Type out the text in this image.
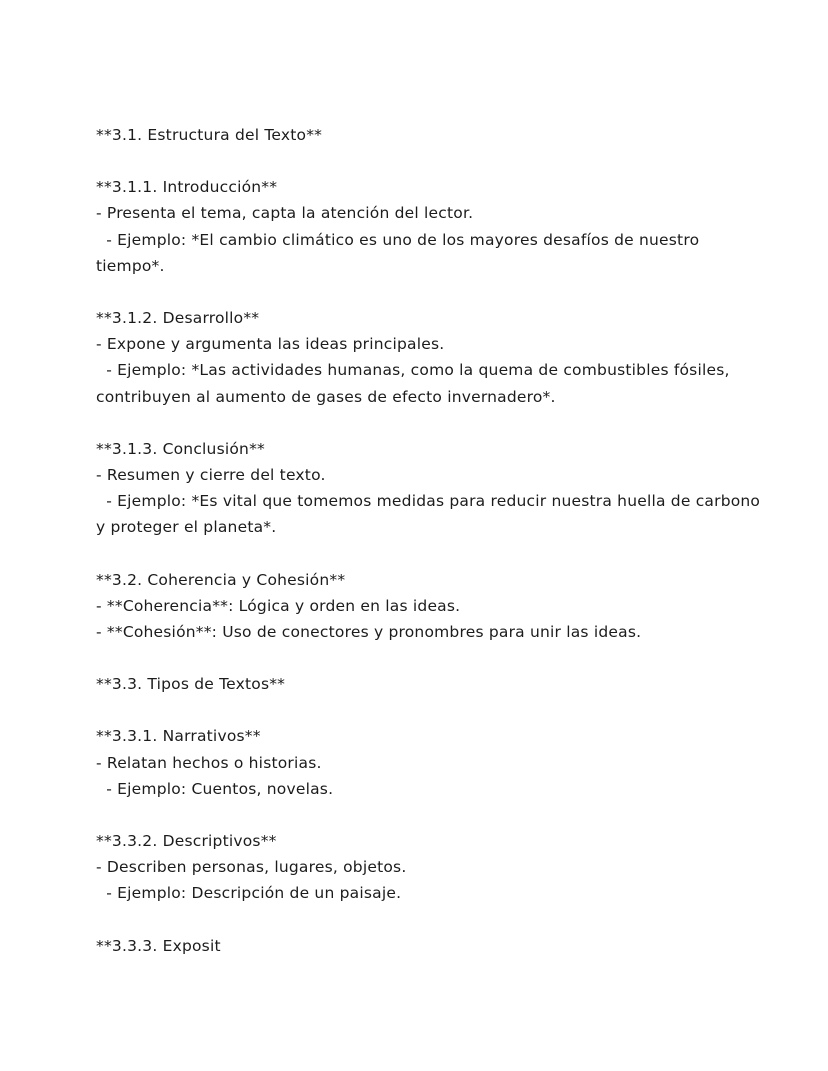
**3.1. Estructura del Texto**

**3.1.1. Introducción**

- Presenta el tema, capta la atención del lector.

- Ejemplo: *El cambio climático es uno de los mayores desafíos de nuestro

tiempo*.

**3.1.2. Desarrollo**

- Expone y argumenta las ideas principales.

- Ejemplo: *Las actividades humanas, como la quema de combustibles fósiles,

contribuyen al aumento de gases de efecto invernadero*.

**3.1.3. Conclusión**

- Resumen y cierre del texto.

- Ejemplo: *Es vital que tomemos medidas para reducir nuestra huella de carbono

y proteger el planeta*.

**3.2. Coherencia y Cohesión**

- **Coherencia**: Lógica y orden en las ideas.

- **Cohesión**: Uso de conectores y pronombres para unir las ideas.

**3.3. Tipos de Textos**

**3.3.1. Narrativos**

- Relatan hechos o historias.

- Ejemplo: Cuentos, novelas.

**3.3.2. Descriptivos**

- Describen personas, lugares, objetos.

- Ejemplo: Descripción de un paisaje.

**3.3.3. Exposit
